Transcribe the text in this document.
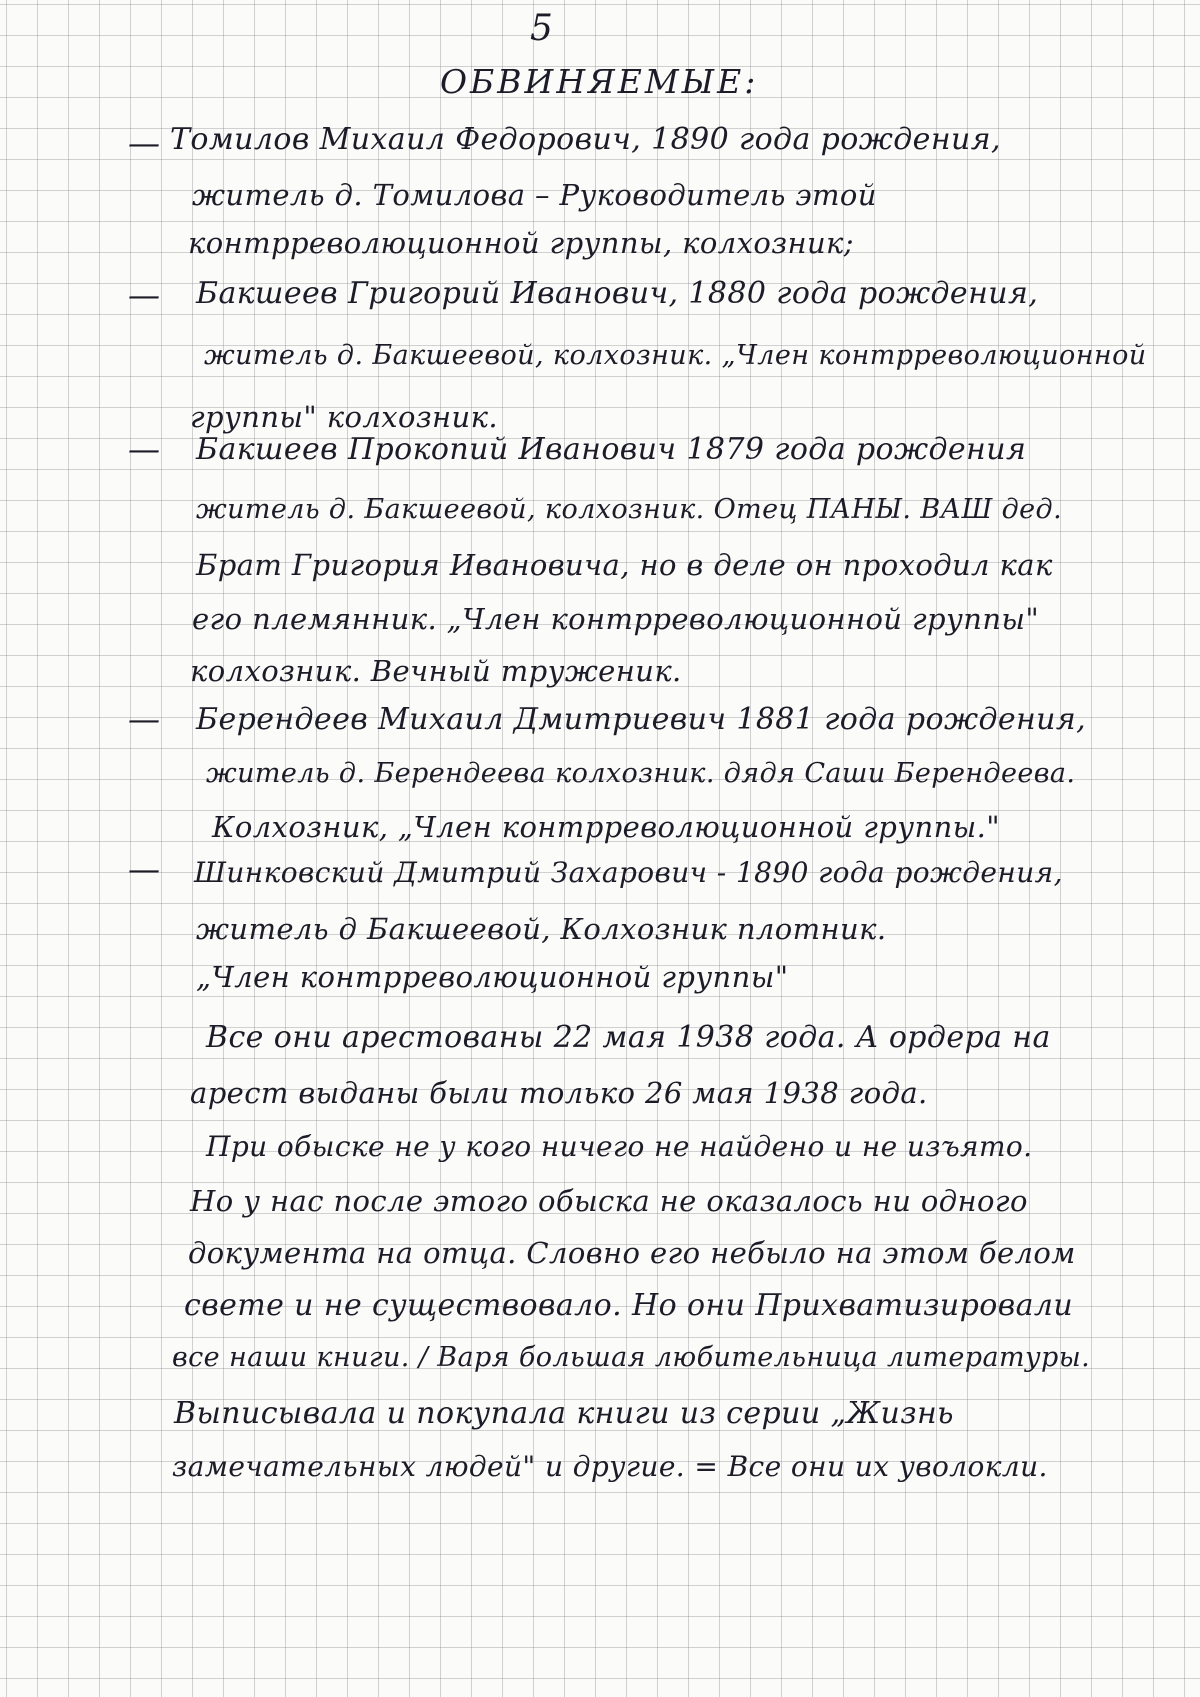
5
ОБВИНЯЕМЫЕ:
—
—
—
—
—
Томилов Михаил Федорович, 1890 года рождения,
житель д. Томилова – Руководитель этой
контрреволюционной группы, колхозник;
Бакшеев Григорий Иванович, 1880 года рождения,
житель д. Бакшеевой, колхозник. „Член контрреволюционной
группы" колхозник.
Бакшеев Прокопий Иванович 1879 года рождения
житель д. Бакшеевой, колхозник. Отец ПАНЫ. ВАШ дед.
Брат Григория Ивановича, но в деле он проходил как
его племянник. „Член контрреволюционной группы"
колхозник. Вечный труженик.
Берендеев Михаил Дмитриевич 1881 года рождения,
житель д. Берендеева колхозник. дядя Саши Берендеева.
Колхозник, „Член контрреволюционной группы."
Шинковский Дмитрий Захарович - 1890 года рождения,
житель д Бакшеевой, Колхозник плотник.
„Член контрреволюционной группы"
Все они арестованы 22 мая 1938 года. А ордера на
арест выданы были только 26 мая 1938 года.
При обыске не у кого ничего не найдено и не изъято.
Но у нас после этого обыска не оказалось ни одного
документа на отца. Словно его небыло на этом белом
свете и не существовало. Но они Прихватизировали
все наши книги. / Варя большая любительница литературы.
Выписывала и покупала книги из серии „Жизнь
замечательных людей" и другие. = Все они их уволокли.
